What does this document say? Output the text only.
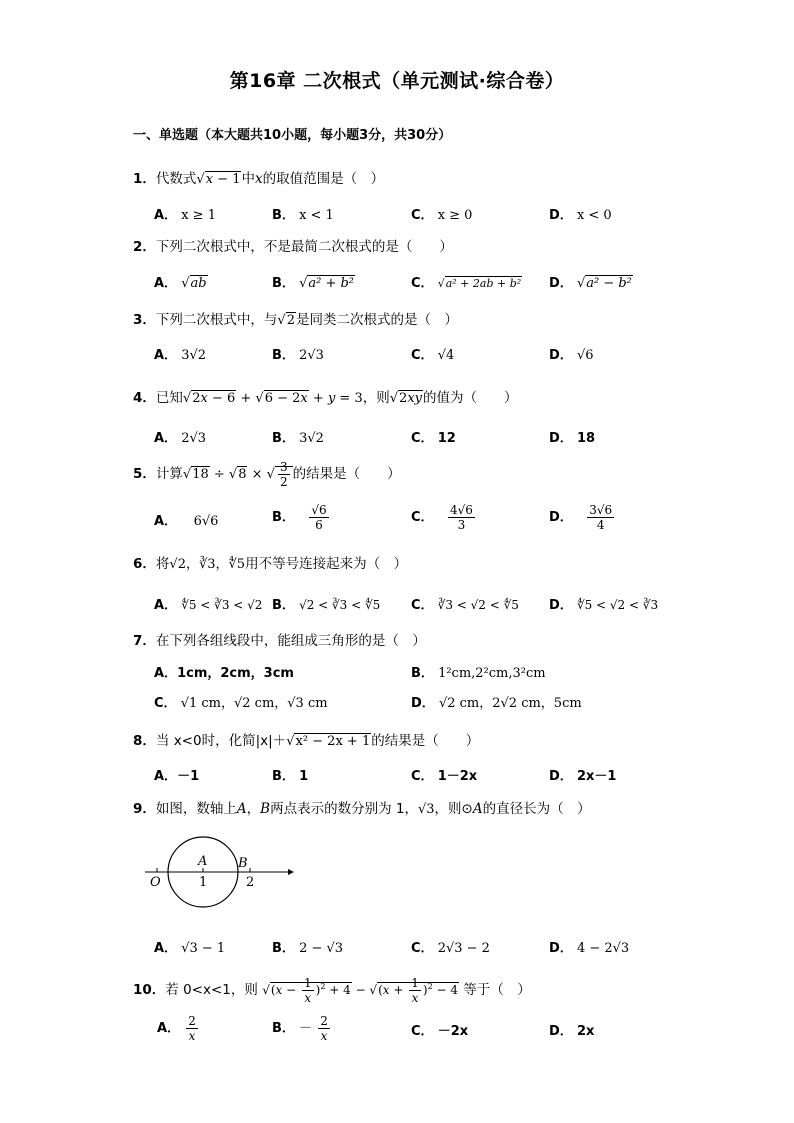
第16章 二次根式（单元测试·综合卷）
一、单选题（本大题共10小题，每小题3分，共30分）
1．代数式√x − 1中x的取值范围是（　）
A． x ≥ 1	B． x < 1	C． x ≥ 0	D． x < 0
2．下列二次根式中，不是最简二次根式的是（　　）
A． √ab	B． √a² + b²	C． √a² + 2ab + b² D． √a² − b²
3．下列二次根式中，与√2是同类二次根式的是（　）
A． 3√2	B． 2√3	C． √4	D． √6
4．已知√2x − 6 + √6 − 2x + y = 3，则√2xy的值为（　　）
A． 2√3	B． 3√2	C． 12	D． 18
5．计算√18 ÷ √8 × √ $\frac{3}{2}$ 的结果是（　　）
A． 6√6	B． $\frac{√6}{6}$	C． $\frac{4√6}{3}$	D． $\frac{3√6}{4}$
6．将√2，∛3，∜5用不等号连接起来为（　）
A． ∜5 < ∛3 < √2 B． √2 < ∛3 < ∜5 C． ∛3 < √2 < ∜5 D． ∜5 < √2 < ∛3
7．在下列各组线段中，能组成三角形的是（　）
A．1cm，2cm，3cm	B． 1²cm,2²cm,3²cm
C． √1 cm，√2 cm，√3 cm	D． √2 cm，2√2 cm，5cm
8．当 x<0时，化简|x|＋√x² − 2x + 1的结果是（　　）
A．－1	B． 1	C． 1－2x	D． 2x－1
9．如图，数轴上A，B两点表示的数分别为 1，√3，则⊙A的直径长为（　）
O
A
1
B
2
A． √3 − 1	B． 2 − √3	C． 2√3 − 2	D． 4 − 2√3
10．若 0<x<1，则 $√(x - \frac{1}{x} )^2 + 4 - √(x + \frac{1}{x} )^2 - 4$ 等于（　）
A． $\frac{2}{x}$	B． － $\frac{2}{x}$	C． －2x	D． 2x
